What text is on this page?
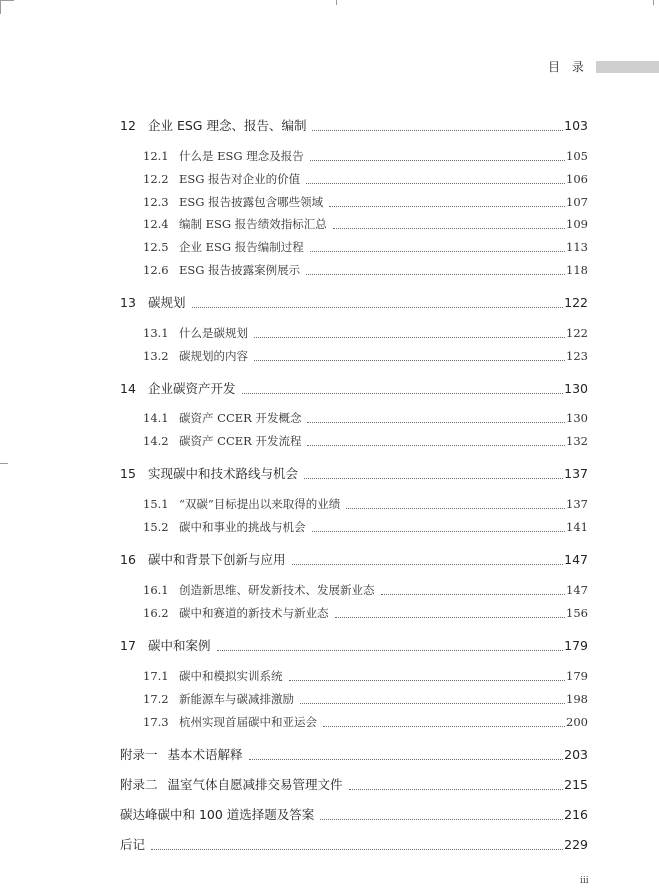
目 录
12 企业 ESG 理念、报告、编制	103
12.1 什么是 ESG 理念及报告	105
12.2 ESG 报告对企业的价值	106
12.3 ESG 报告披露包含哪些领域	107
12.4 编制 ESG 报告绩效指标汇总	109
12.5 企业 ESG 报告编制过程	113
12.6 ESG 报告披露案例展示	118
13 碳规划	122
13.1 什么是碳规划	122
13.2 碳规划的内容	123
14 企业碳资产开发	130
14.1 碳资产 CCER 开发概念	130
14.2 碳资产 CCER 开发流程	132
15 实现碳中和技术路线与机会	137
15.1 “双碳”目标提出以来取得的业绩	137
15.2 碳中和事业的挑战与机会	141
16 碳中和背景下创新与应用	147
16.1 创造新思维、研发新技术、发展新业态	147
16.2 碳中和赛道的新技术与新业态	156
17 碳中和案例	179
17.1 碳中和模拟实训系统	179
17.2 新能源车与碳减排激励	198
17.3 杭州实现首届碳中和亚运会	200
附录一 基本术语解释	203
附录二 温室气体自愿减排交易管理文件	215
碳达峰碳中和 100 道选择题及答案	216
后记	229
iii
